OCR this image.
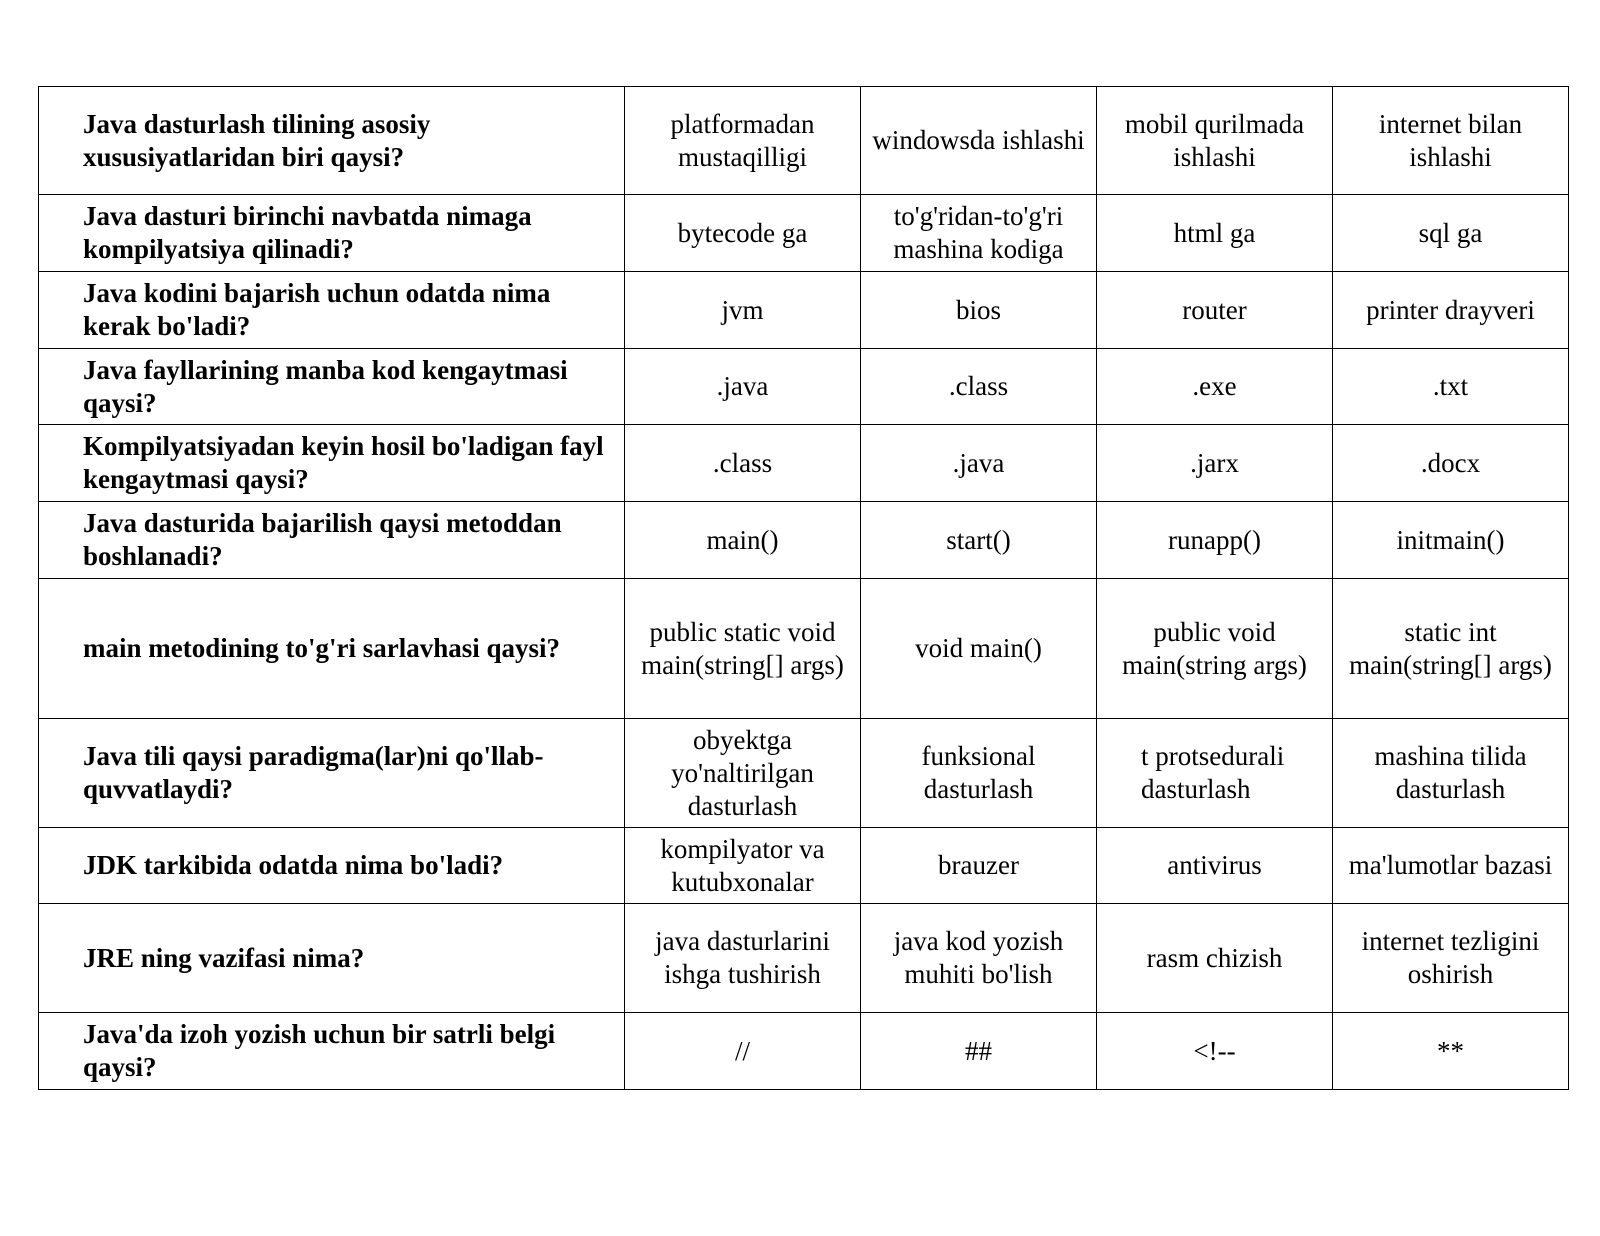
Java dasturlash tilining asosiy xususiyatlaridan biri qaysi?	platformadan mustaqilligi	windowsda ishlashi	mobil qurilmada ishlashi	internet bilan ishlashi
Java dasturi birinchi navbatda nimaga kompilyatsiya qilinadi?	bytecode ga	to'g'ridan-to'g'ri mashina kodiga	html ga	sql ga
Java kodini bajarish uchun odatda nima kerak bo'ladi?	jvm	bios	router	printer drayveri
Java fayllarining manba kod kengaytmasi qaysi?	.java	.class	.exe	.txt
Kompilyatsiyadan keyin hosil bo'ladigan fayl kengaytmasi qaysi?	.class	.java	.jarx	.docx
Java dasturida bajarilish qaysi metoddan boshlanadi?	main()	start()	runapp()	initmain()
main metodining to'g'ri sarlavhasi qaysi?	public static void main(string[] args)	void main()	public void main(string args)	static int main(string[] args)
Java tili qaysi paradigma(lar)ni qo'llab-quvvatlaydi?	obyektga yo'naltirilgan dasturlash	funksional dasturlash	t protsedurali dasturlash	mashina tilida dasturlash
JDK tarkibida odatda nima bo'ladi?	kompilyator va kutubxonalar	brauzer	antivirus	ma'lumotlar bazasi
JRE ning vazifasi nima?	java dasturlarini ishga tushirish	java kod yozish muhiti bo'lish	rasm chizish	internet tezligini oshirish
Java'da izoh yozish uchun bir satrli belgi qaysi?	//	##	<!--	**
